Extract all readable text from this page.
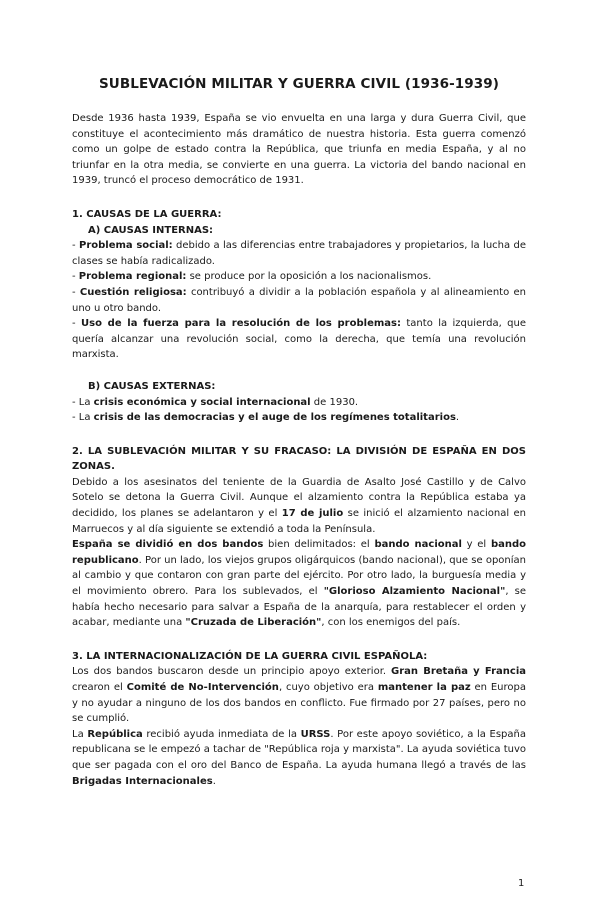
SUBLEVACIÓN MILITAR Y GUERRA CIVIL (1936-1939)

Desde 1936 hasta 1939, España se vio envuelta en una larga y dura Guerra Civil, que constituye el acontecimiento más dramático de nuestra historia. Esta guerra comenzó como un golpe de estado contra la República, que triunfa en media España, y al no triunfar en la otra media, se convierte en una guerra. La victoria del bando nacional en 1939, truncó el proceso democrático de 1931.

1. CAUSAS DE LA GUERRA:
A) CAUSAS INTERNAS:

- Problema social: debido a las diferencias entre trabajadores y propietarios, la lucha de clases se había radicalizado.

- Problema regional: se produce por la oposición a los nacionalismos.

- Cuestión religiosa: contribuyó a dividir a la población española y al alineamiento en uno u otro bando.

- Uso de la fuerza para la resolución de los problemas: tanto la izquierda, que quería alcanzar una revolución social, como la derecha, que temía una revolución marxista.

B) CAUSAS EXTERNAS:

- La crisis económica y social internacional de 1930.

- La crisis de las democracias y el auge de los regímenes totalitarios.

2. LA SUBLEVACIÓN MILITAR Y SU FRACASO: LA DIVISIÓN DE ESPAÑA EN DOS ZONAS.

Debido a los asesinatos del teniente de la Guardia de Asalto José Castillo y de Calvo Sotelo se detona la Guerra Civil. Aunque el alzamiento contra la República estaba ya decidido, los planes se adelantaron y el 17 de julio se inició el alzamiento nacional en Marruecos y al día siguiente se extendió a toda la Península.

España se dividió en dos bandos bien delimitados: el bando nacional y el bando republicano. Por un lado, los viejos grupos oligárquicos (bando nacional), que se oponían al cambio y que contaron con gran parte del ejército. Por otro lado, la burguesía media y el movimiento obrero. Para los sublevados, el "Glorioso Alzamiento Nacional", se había hecho necesario para salvar a España de la anarquía, para restablecer el orden y acabar, mediante una "Cruzada de Liberación", con los enemigos del país.

3. LA INTERNACIONALIZACIÓN DE LA GUERRA CIVIL ESPAÑOLA:

Los dos bandos buscaron desde un principio apoyo exterior. Gran Bretaña y Francia crearon el Comité de No-Intervención, cuyo objetivo era mantener la paz en Europa y no ayudar a ninguno de los dos bandos en conflicto. Fue firmado por 27 países, pero no se cumplió.

La República recibió ayuda inmediata de la URSS. Por este apoyo soviético, a la España republicana se le empezó a tachar de "República roja y marxista". La ayuda soviética tuvo que ser pagada con el oro del Banco de España. La ayuda humana llegó a través de las Brigadas Internacionales.

1
